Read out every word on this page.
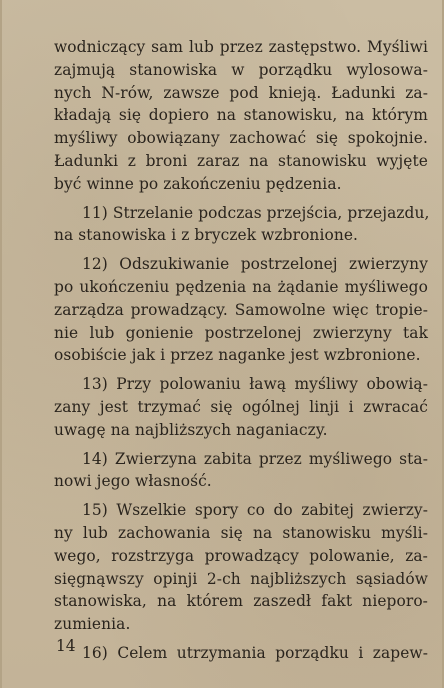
wodniczący sam lub przez zastępstwo. Myśliwi
zajmują stanowiska w porządku wylosowa-
nych N-rów, zawsze pod knieją. Ładunki za-
kładają się dopiero na stanowisku, na którym
myśliwy obowiązany zachować się spokojnie.
Ładunki z broni zaraz na stanowisku wyjęte
być winne po zakończeniu pędzenia.
11) Strzelanie podczas przejścia, przejazdu,
na stanowiska i z bryczek wzbronione.
12) Odszukiwanie postrzelonej zwierzyny
po ukończeniu pędzenia na żądanie myśliwego
zarządza prowadzący. Samowolne więc tropie-
nie lub gonienie postrzelonej zwierzyny tak
osobiście jak i przez naganke jest wzbronione.
13) Przy polowaniu ławą myśliwy obowią-
zany jest trzymać się ogólnej linji i zwracać
uwagę na najbliższych naganiaczy.
14) Zwierzyna zabita przez myśliwego sta-
nowi jego własność.
15) Wszelkie spory co do zabitej zwierzy-
ny lub zachowania się na stanowisku myśli-
wego, rozstrzyga prowadzący polowanie, za-
sięgnąwszy opinji 2-ch najbliższych sąsiadów
stanowiska, na którem zaszedł fakt nieporo-
zumienia.
16) Celem utrzymania porządku i zapew-
14
